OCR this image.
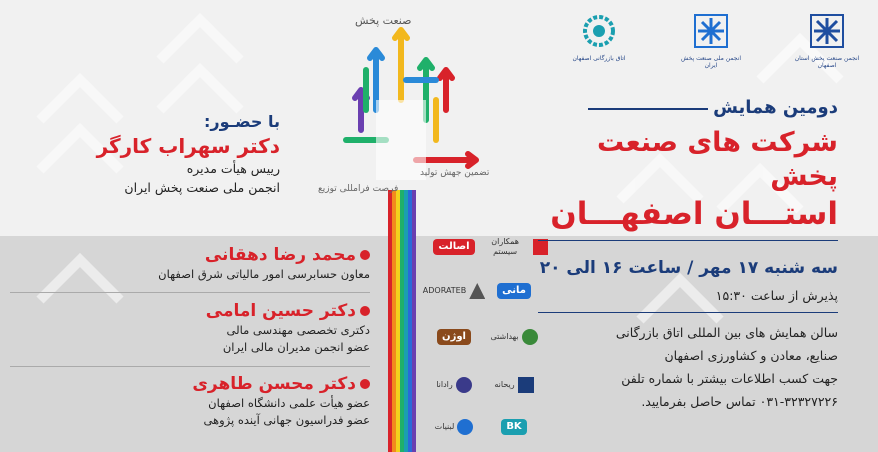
انجمن صنعت پخش استان اصفهان
انجمن ملی صنعت پخش ایران
اتاق بازرگانی اصفهان
صنعت پخش
تضمین جهش تولید
فرصت فرامللی توزیع
دومین همایش
شرکت های صنعت پخش
استـــان اصفهـــان
با حضـور:
دکتر سهراب کارگر
رییس هیأت مدیره
انجمن ملی صنعت پخش ایران
محمد رضا دهقانی
معاون حسابرسی امور مالیاتی شرق اصفهان
دکتر حسین امامی
دکتری تخصصی مهندسی مالی
عضو انجمن مدیران مالی ایران
دکتر محسن طاهری
عضو هیأت علمی دانشگاه اصفهان
عضو فدراسیون جهانی آینده پژوهی
اصالت	همکاران سیستم
ADORATEB	مانی
اوژن	بهداشتی
ریحانه
رادانا
BK
لبنیات
سه شنبه ۱۷ مهر / ساعت ۱۶ الی ۲۰
پذیرش از ساعت ۱۵:۳۰
سالن همایش های بین المللی اتاق بازرگانی
صنایع، معادن و کشاورزی اصفهان
جهت کسب اطلاعات بیشتر با شماره تلفن
۰۳۱-۳۲۳۲۷۲۲۶ تماس حاصل بفرمایید.
